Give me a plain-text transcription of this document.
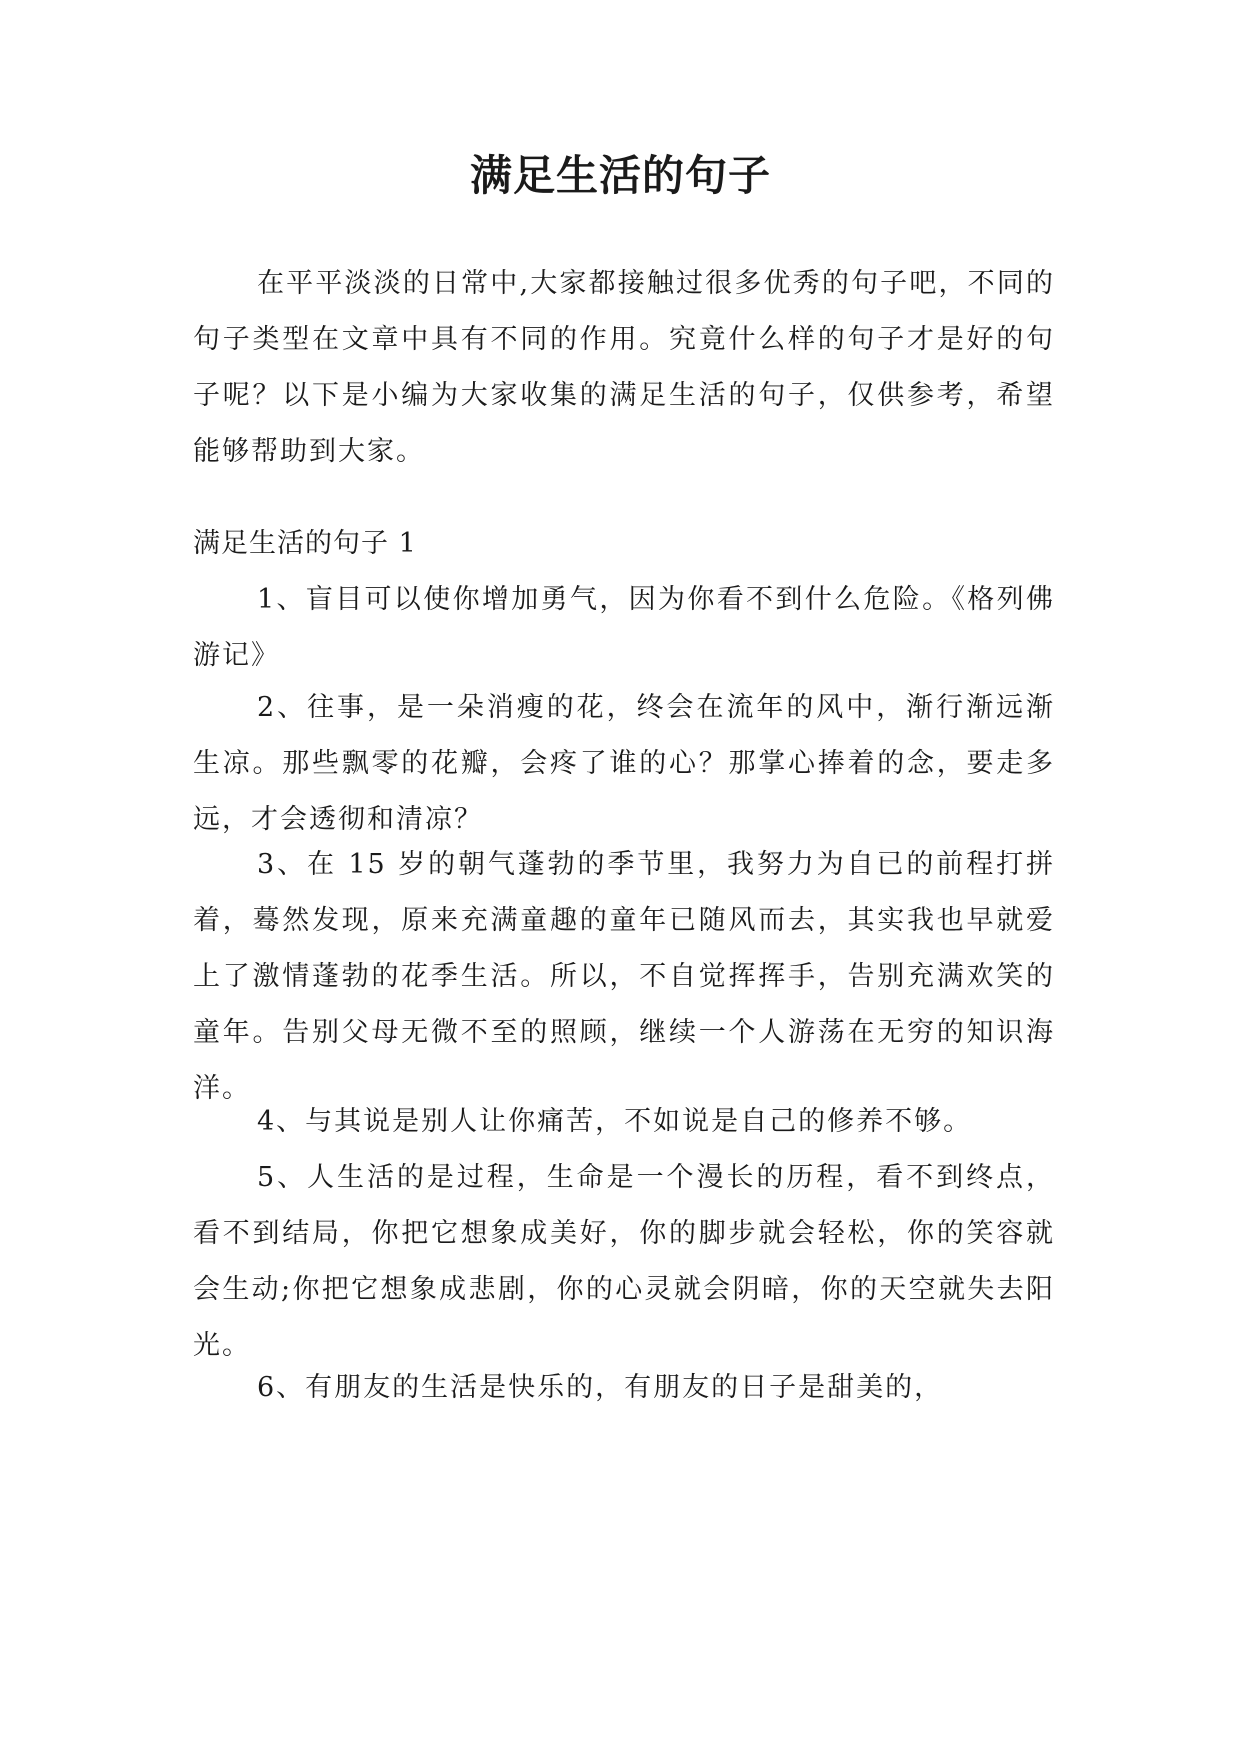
满足生活的句子

在平平淡淡的日常中,大家都接触过很多优秀的句子吧，不同的句子类型在文章中具有不同的作用。究竟什么样的句子才是好的句子呢？以下是小编为大家收集的满足生活的句子，仅供参考，希望能够帮助到大家。

满足生活的句子 1

1、盲目可以使你增加勇气，因为你看不到什么危险。《格列佛游记》

2、往事，是一朵消瘦的花，终会在流年的风中，渐行渐远渐生凉。那些飘零的花瓣，会疼了谁的心？那掌心捧着的念，要走多远，才会透彻和清凉？

3、在 15 岁的朝气蓬勃的季节里，我努力为自已的前程打拼着，蓦然发现，原来充满童趣的童年已随风而去，其实我也早就爱上了激情蓬勃的花季生活。所以，不自觉挥挥手，告别充满欢笑的童年。告别父母无微不至的照顾，继续一个人游荡在无穷的知识海洋。

4、与其说是别人让你痛苦，不如说是自己的修养不够。

5、人生活的是过程，生命是一个漫长的历程，看不到终点，看不到结局，你把它想象成美好，你的脚步就会轻松，你的笑容就会生动;你把它想象成悲剧，你的心灵就会阴暗，你的天空就失去阳光。

6、有朋友的生活是快乐的，有朋友的日子是甜美的，
